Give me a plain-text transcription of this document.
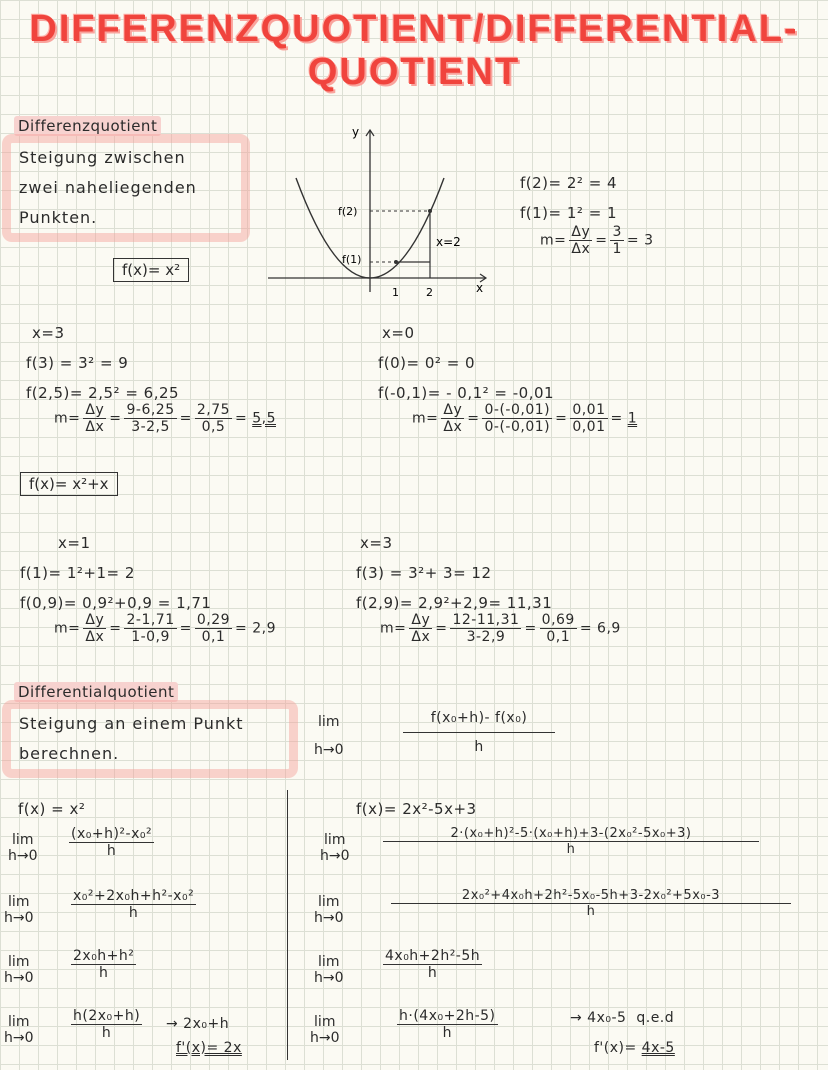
DIFFERENZQUOTIENT/DIFFERENTIAL-
QUOTIENT
Differenzquotient
Steigung zwischen
zwei naheliegenden
Punkten.
f(x)= x²
y
x
f(2)
f(1)
x=2
1 2
f(2)= 2² = 4
f(1)= 1² = 1
$m= \frac{\Delta y}{\Delta x} = \frac{3}{1} = 3$
x=3
f(3) = 3² = 9
f(2,5)= 2,5² = 6,25
$m= \frac{\Delta y}{\Delta x} = \frac{9-6,25}{3-2,5} = \frac{2,75}{0,5} = 5,5$
x=0
f(0)= 0² = 0
f(-0,1)= - 0,1² = -0,01
$m= \frac{\Delta y}{\Delta x} = \frac{0-(-0,01)}{0-(-0,01)} = \frac{0,01}{0,01} = 1$
f(x)= x²+x
x=1
f(1)= 1²+1= 2
f(0,9)= 0,9²+0,9 = 1,71
$m= \frac{\Delta y}{\Delta x} = \frac{2-1,71}{1-0,9} = \frac{0,29}{0,1} = 2,9$
x=3
f(3) = 3²+ 3= 12
f(2,9)= 2,9²+2,9= 11,31
$m= \frac{\Delta y}{\Delta x} = \frac{12-11,31}{3-2,9} = \frac{0,69}{0,1} = 6,9$
Differentialquotient
Steigung an einem Punkt
berechnen.
lim
h→0	$\frac{\text{f(x₀+h)- f(x₀)}}{h}$
f(x) = x²
lim
$h\to 0 \frac{\text{(x₀+h)²-x₀²}}{h}$
lim
h→0	$\frac{\text{x₀²+2x₀h+h²-x₀²}}{h}$
lim
h→0	$\frac{\text{2x₀h+h²}}{h}$
lim
h→0	$\frac{\text{h(2x₀+h)}}{h} \to 2x_0+h$
f'(x)= 2x
f(x)= 2x²-5x+3
lim
h→0	$\frac{\text{2·(x₀+h)²-5·(x₀+h)+3-(2x₀²-5x₀+3)}}{h}$
lim
h→0	$\frac{\text{2x₀²+4x₀h+2h²-5x₀-5h+3-2x₀²+5x₀-3}}{h}$
lim
h→0	$\frac{\text{4x₀h+2h²-5h}}{h}$
lim
h→0	$\frac{\text{h·(4x₀+2h-5)}}{h}$	→ 4x₀-5 q.e.d
f'(x)= 4x-5
